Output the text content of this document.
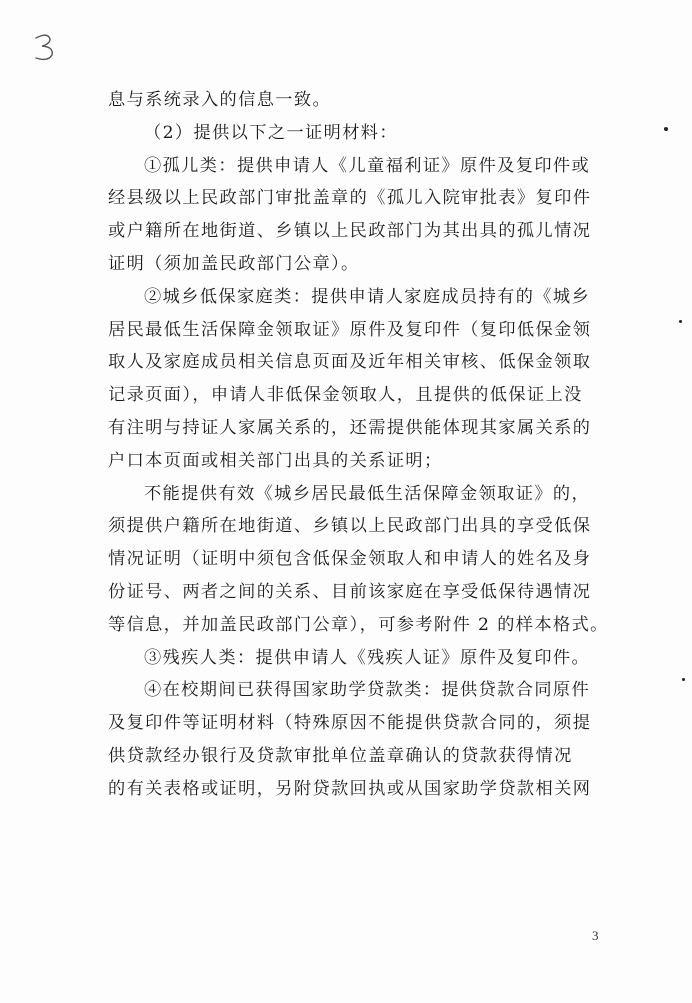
息与系统录入的信息一致。
（2）提供以下之一证明材料：
①孤儿类：提供申请人《儿童福利证》原件及复印件或
经县级以上民政部门审批盖章的《孤儿入院审批表》复印件
或户籍所在地街道、乡镇以上民政部门为其出具的孤儿情况
证明（须加盖民政部门公章）。
②城乡低保家庭类：提供申请人家庭成员持有的《城乡
居民最低生活保障金领取证》原件及复印件（复印低保金领
取人及家庭成员相关信息页面及近年相关审核、低保金领取
记录页面），申请人非低保金领取人，且提供的低保证上没
有注明与持证人家属关系的，还需提供能体现其家属关系的
户口本页面或相关部门出具的关系证明；
不能提供有效《城乡居民最低生活保障金领取证》的，
须提供户籍所在地街道、乡镇以上民政部门出具的享受低保
情况证明（证明中须包含低保金领取人和申请人的姓名及身
份证号、两者之间的关系、目前该家庭在享受低保待遇情况
等信息，并加盖民政部门公章），可参考附件 2 的样本格式。
③残疾人类：提供申请人《残疾人证》原件及复印件。
④在校期间已获得国家助学贷款类：提供贷款合同原件
及复印件等证明材料（特殊原因不能提供贷款合同的，须提
供贷款经办银行及贷款审批单位盖章确认的贷款获得情况
的有关表格或证明，另附贷款回执或从国家助学贷款相关网
3
